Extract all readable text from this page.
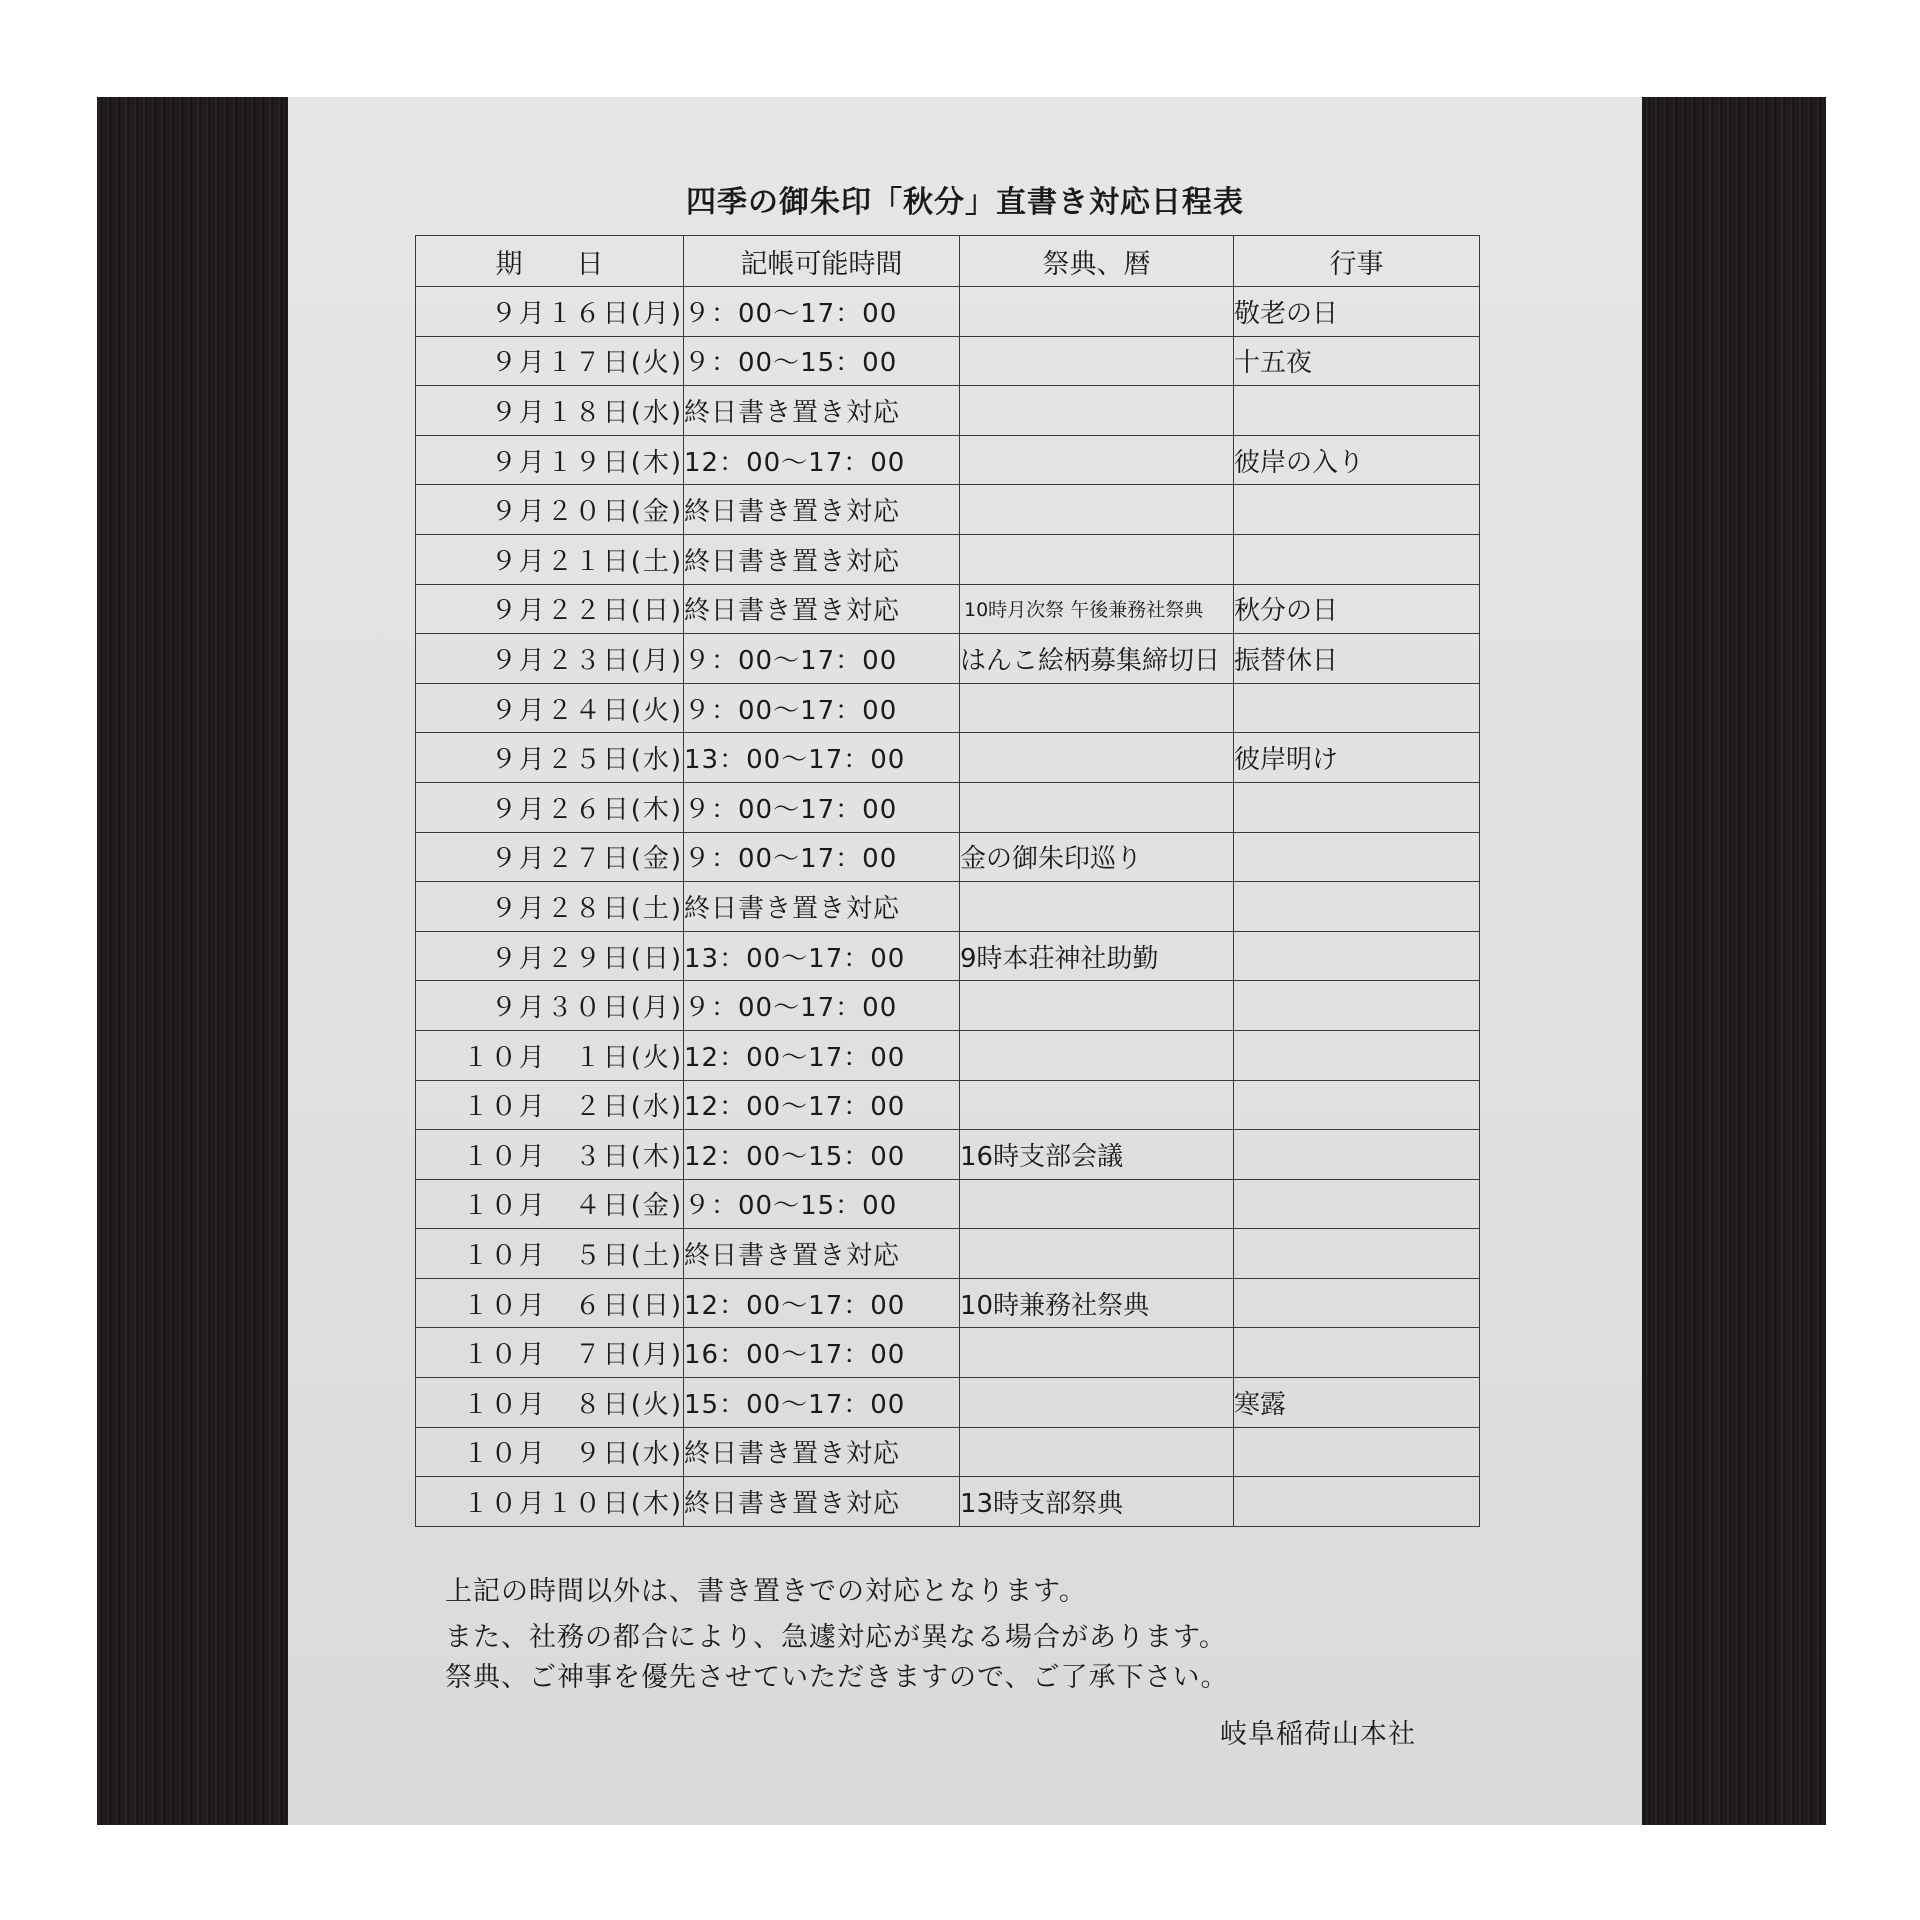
四季の御朱印「秋分」直書き対応日程表
期　　日	記帳可能時間	祭典、暦	行事
９月１６日(月)	９：00～17：00		敬老の日
９月１７日(火)	９：00～15：00		十五夜
９月１８日(水)	終日書き置き対応		
９月１９日(木)	12：00～17：00		彼岸の入り
９月２０日(金)	終日書き置き対応		
９月２１日(土)	終日書き置き対応		
９月２２日(日)	終日書き置き対応	10時月次祭 午後兼務社祭典	秋分の日
９月２３日(月)	９：00～17：00	はんこ絵柄募集締切日	振替休日
９月２４日(火)	９：00～17：00		
９月２５日(水)	13：00～17：00		彼岸明け
９月２６日(木)	９：00～17：00		
９月２７日(金)	９：00～17：00	金の御朱印巡り	
９月２８日(土)	終日書き置き対応		
９月２９日(日)	13：00～17：00	9時本荘神社助勤	
９月３０日(月)	９：00～17：00		
１０月　１日(火)	12：00～17：00		
１０月　２日(水)	12：00～17：00		
１０月　３日(木)	12：00～15：00	16時支部会議	
１０月　４日(金)	９：00～15：00		
１０月　５日(土)	終日書き置き対応		
１０月　６日(日)	12：00～17：00	10時兼務社祭典	
１０月　７日(月)	16：00～17：00		
１０月　８日(火)	15：00～17：00		寒露
１０月　９日(水)	終日書き置き対応		
１０月１０日(木)	終日書き置き対応	13時支部祭典	

上記の時間以外は、書き置きでの対応となります。

また、社務の都合により、急遽対応が異なる場合があります。

祭典、ご神事を優先させていただきますので、ご了承下さい。

岐阜稲荷山本社
